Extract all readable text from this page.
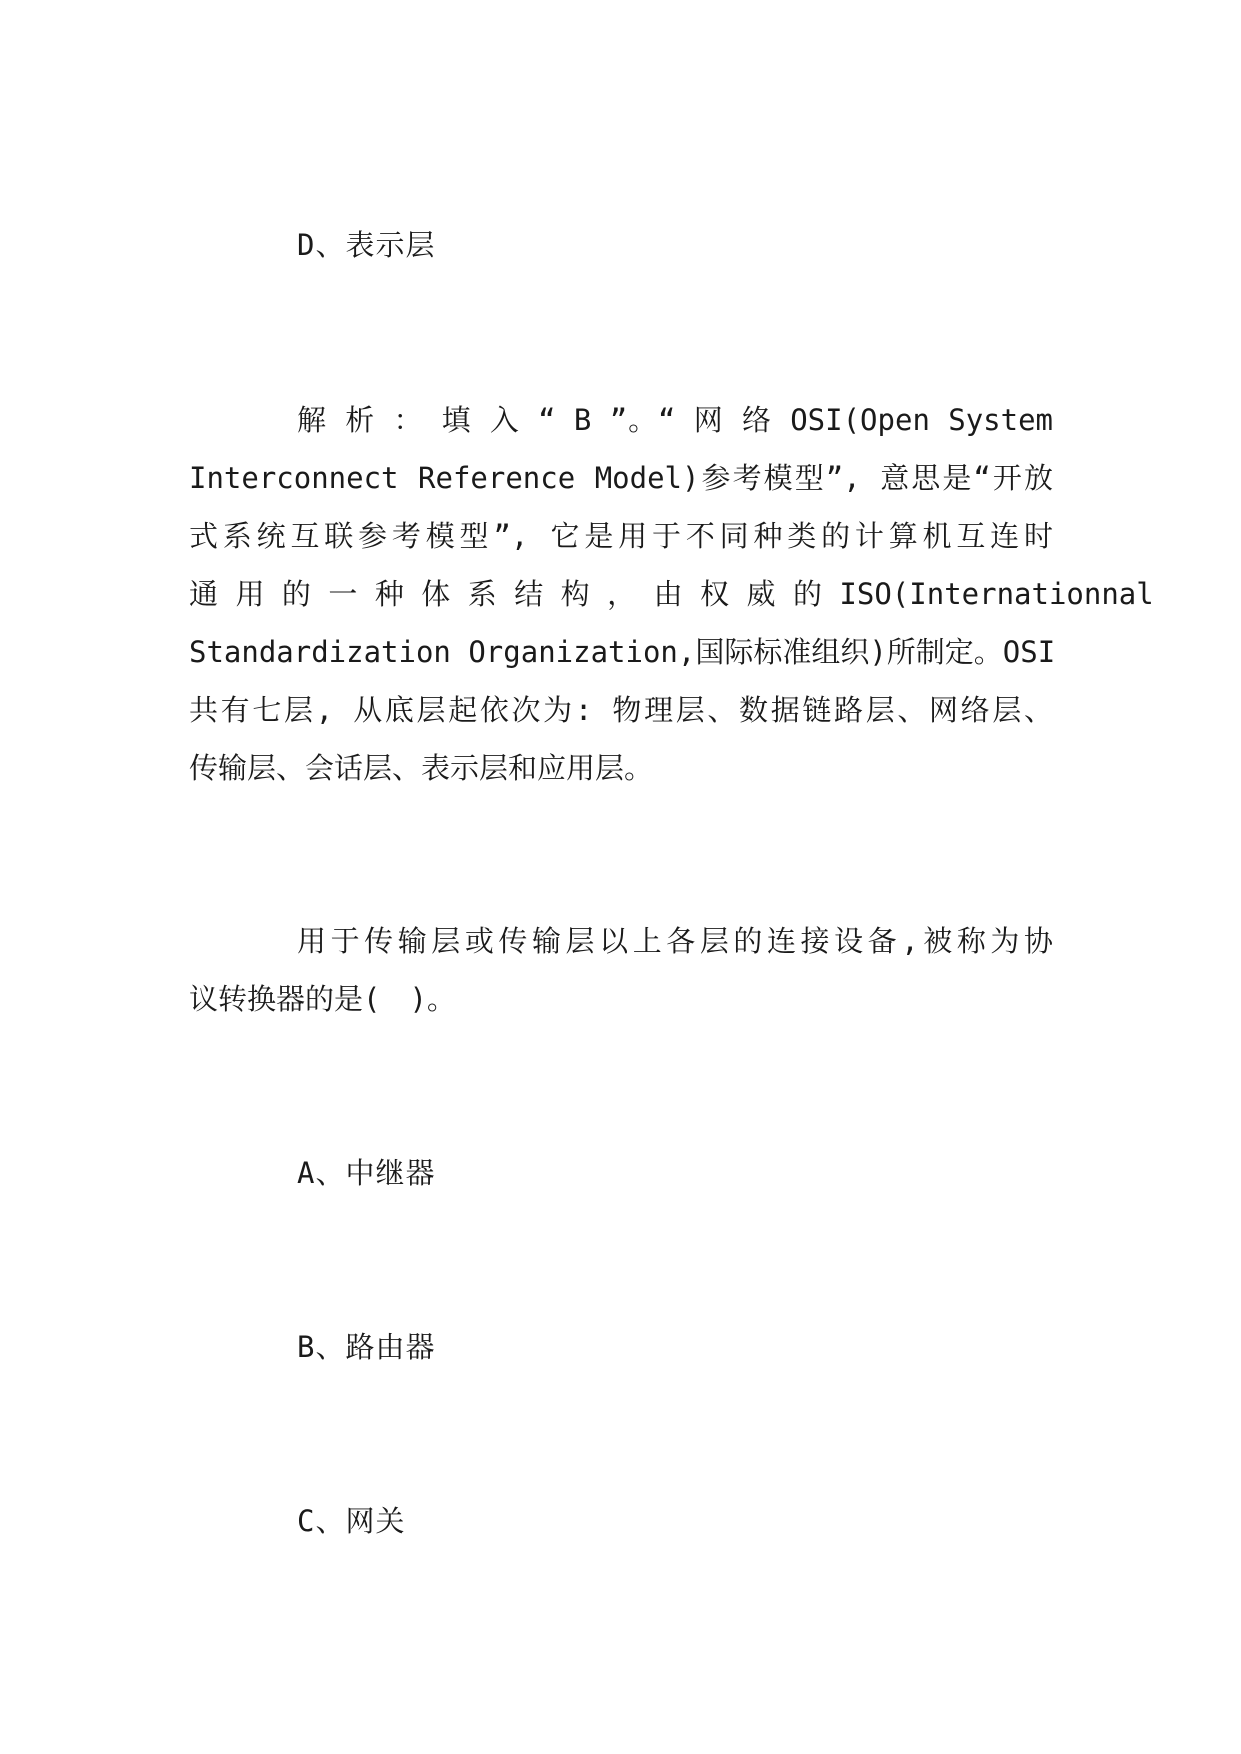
D、表示层

解 析 ： 填 入 “ B ”。“ 网 络 OSI(Open System
Interconnect Reference Model)参考模型”, 意思是“开放
式系统互联参考模型”, 它是用于不同种类的计算机互连时
通 用 的 一 种 体 系 结 构 ， 由 权 威 的 ISO(Internationnal
Standardization Organization,国际标准组织)所制定。OSI
共有七层, 从底层起依次为: 物理层、数据链路层、网络层、
传输层、会话层、表示层和应用层。
用于传输层或传输层以上各层的连接设备,被称为协
议转换器的是(　)。

A、中继器

B、路由器

C、网关
